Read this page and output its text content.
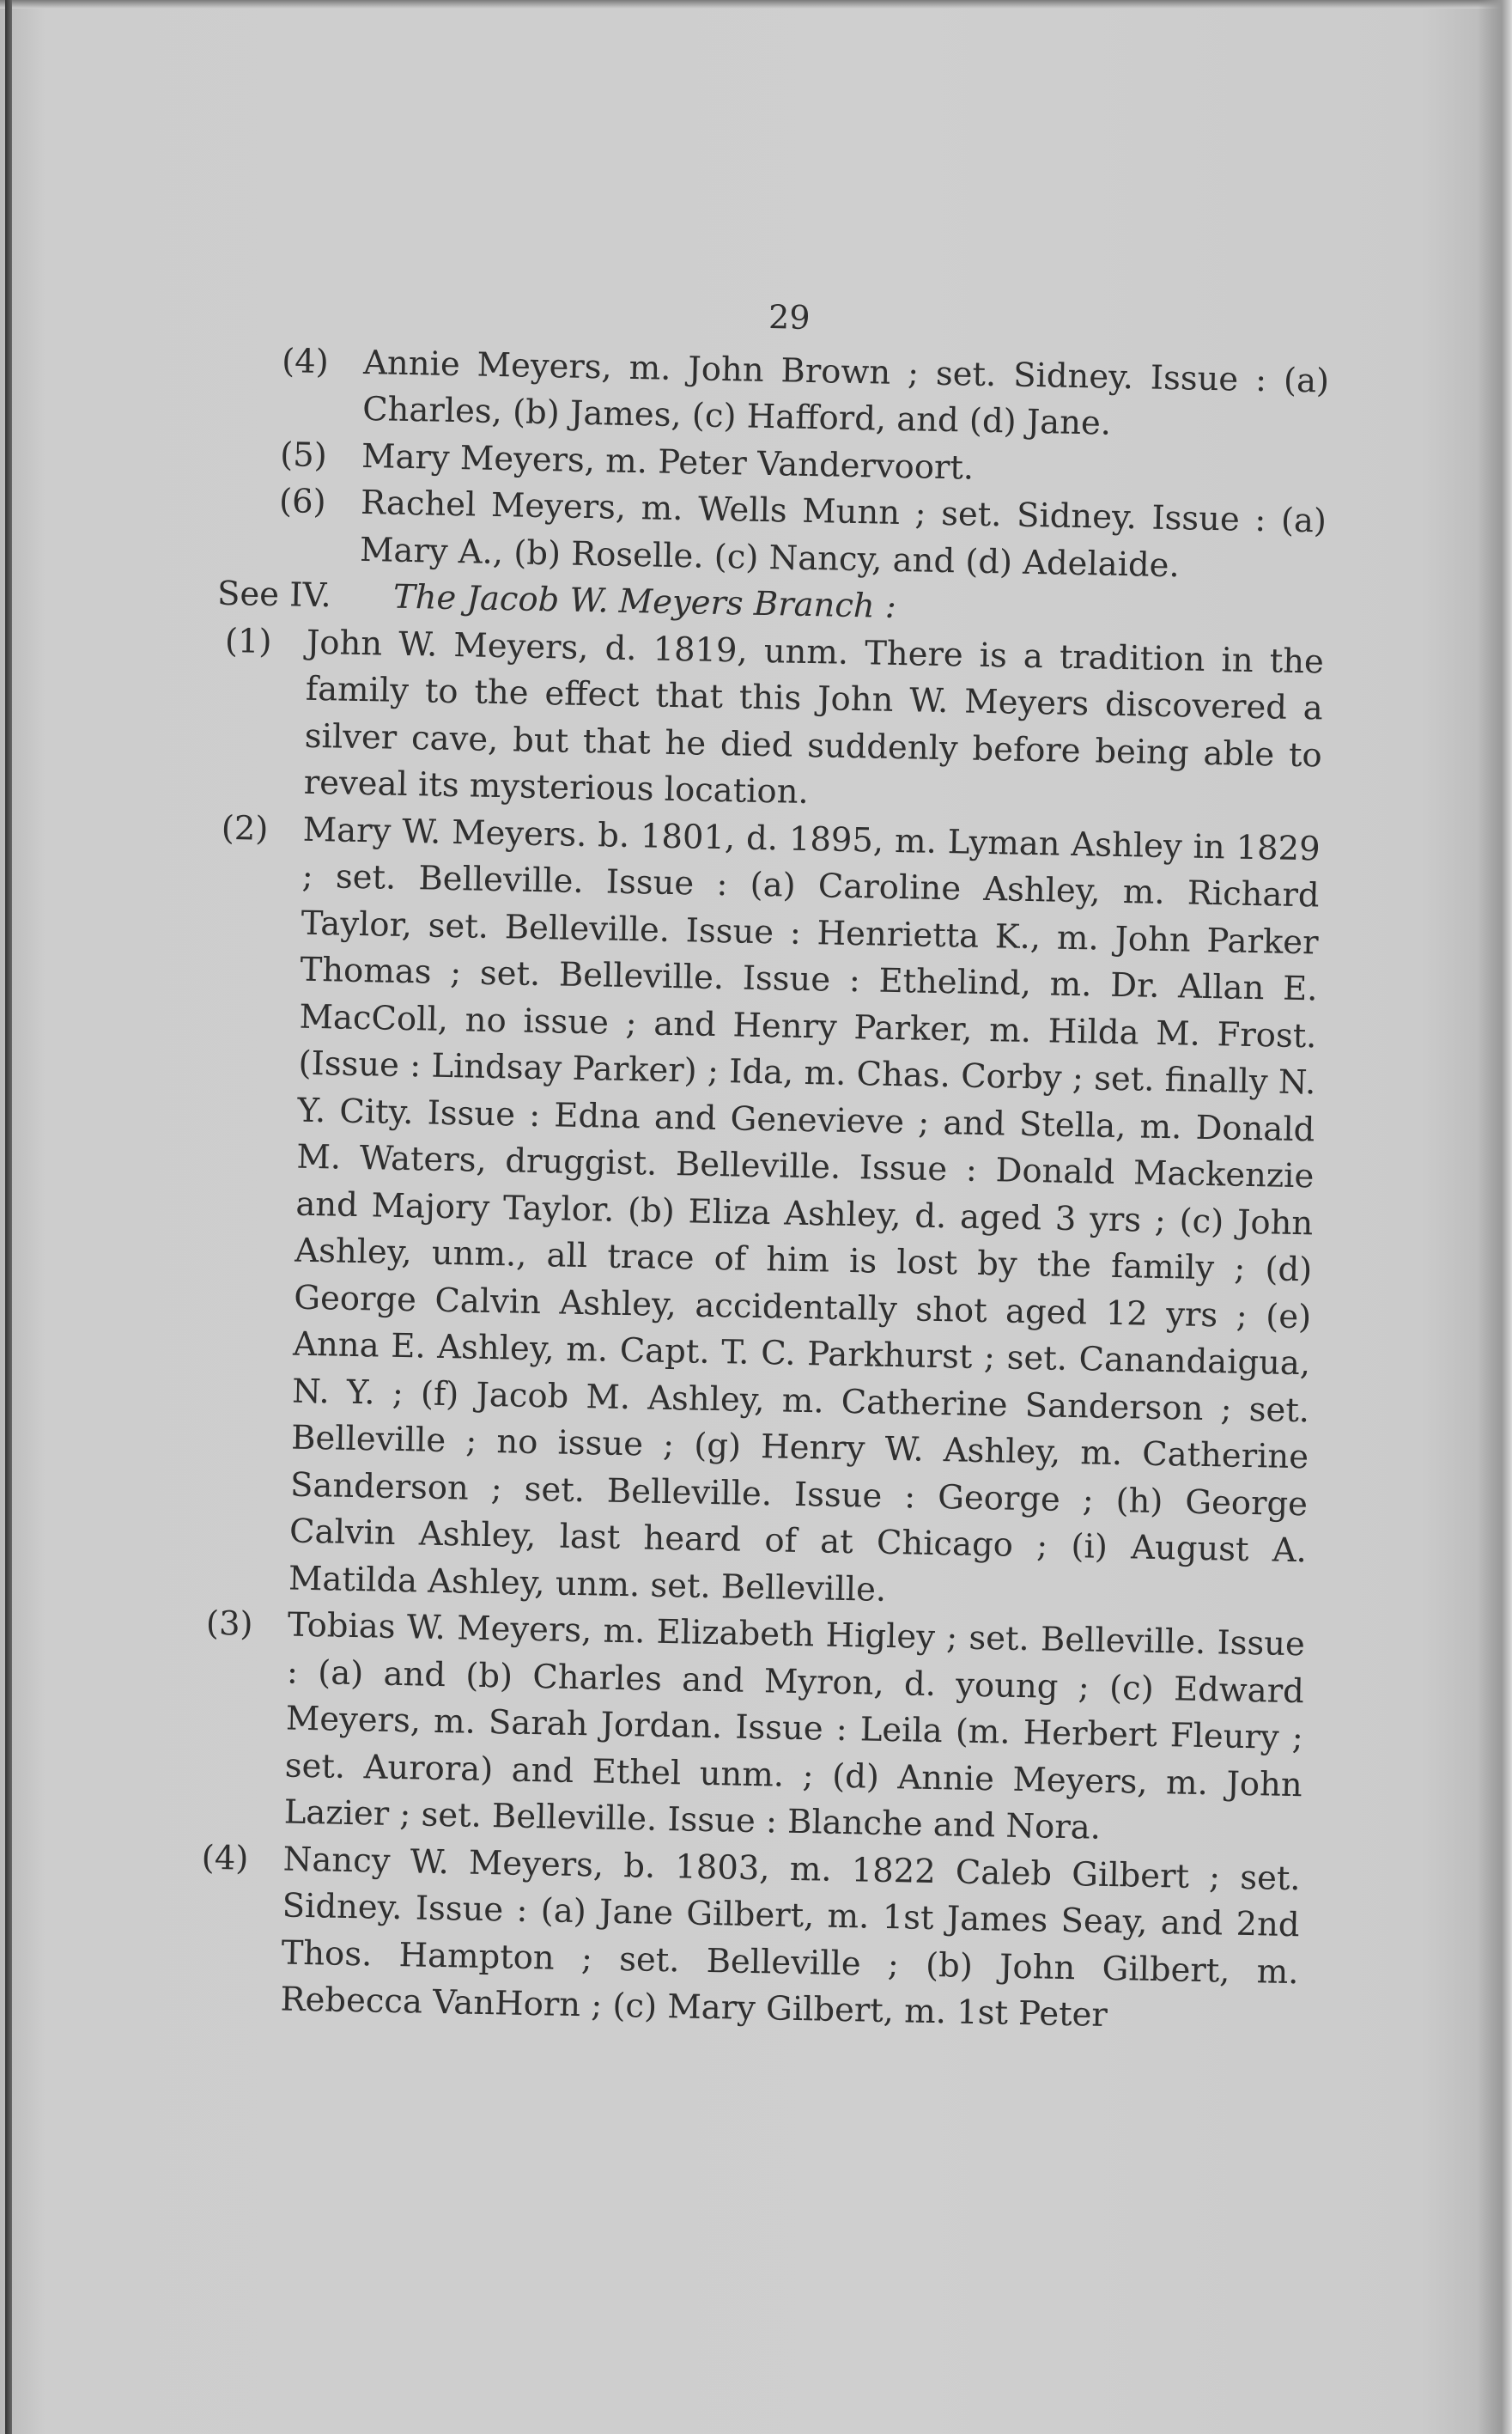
29
(4) Annie Meyers, m. John Brown ; set. Sidney. Issue : (a) Charles, (b) James, (c) Hafford, and (d) Jane.
(5) Mary Meyers, m. Peter Vandervoort.
(6) Rachel Meyers, m. Wells Munn ; set. Sidney. Issue : (a) Mary A., (b) Roselle. (c) Nancy, and (d) Adelaide.
See IV. The Jacob W. Meyers Branch :
(1) John W. Meyers, d. 1819, unm. There is a tradition in the family to the effect that this John W. Meyers discovered a silver cave, but that he died suddenly before being able to reveal its mysterious location.
(2) Mary W. Meyers. b. 1801, d. 1895, m. Lyman Ashley in 1829 ; set. Belleville. Issue : (a) Caroline Ashley, m. Richard Taylor, set. Belleville. Issue : Henrietta K., m. John Parker Thomas ; set. Belleville. Issue : Ethelind, m. Dr. Allan E. MacColl, no issue ; and Henry Parker, m. Hilda M. Frost. (Issue : Lindsay Parker) ; Ida, m. Chas. Corby ; set. finally N. Y. City. Issue : Edna and Genevieve ; and Stella, m. Donald M. Waters, druggist. Belleville. Issue : Donald Mackenzie and Majory Taylor. (b) Eliza Ashley, d. aged 3 yrs ; (c) John Ashley, unm., all trace of him is lost by the family ; (d) George Calvin Ashley, accidentally shot aged 12 yrs ; (e) Anna E. Ashley, m. Capt. T. C. Parkhurst ; set. Canandaigua, N. Y. ; (f) Jacob M. Ashley, m. Catherine Sanderson ; set. Belleville ; no issue ; (g) Henry W. Ashley, m. Catherine Sanderson ; set. Belleville. Issue : George ; (h) George Calvin Ashley, last heard of at Chicago ; (i) August A. Matilda Ashley, unm. set. Belleville.
(3) Tobias W. Meyers, m. Elizabeth Higley ; set. Belleville. Issue : (a) and (b) Charles and Myron, d. young ; (c) Edward Meyers, m. Sarah Jordan. Issue : Leila (m. Herbert Fleury ; set. Aurora) and Ethel unm. ; (d) Annie Meyers, m. John Lazier ; set. Belleville. Issue : Blanche and Nora.
(4) Nancy W. Meyers, b. 1803, m. 1822 Caleb Gilbert ; set. Sidney. Issue : (a) Jane Gilbert, m. 1st James Seay, and 2nd Thos. Hampton ; set. Belleville ; (b) John Gilbert, m. Rebecca VanHorn ; (c) Mary Gilbert, m. 1st Peter
